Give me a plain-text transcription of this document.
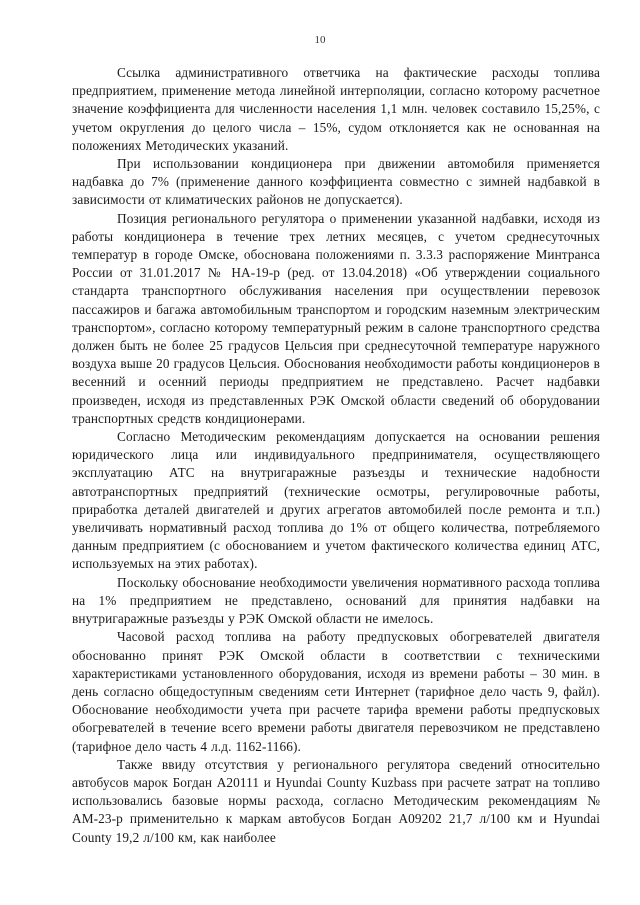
10

Ссылка административного ответчика на фактические расходы топлива предприятием, применение метода линейной интерполяции, согласно которому расчетное значение коэффициента для численности населения 1,1 млн. человек составило 15,25%, с учетом округления до целого числа – 15%, судом отклоняется как не основанная на положениях Методических указаний.

При использовании кондиционера при движении автомобиля применяется надбавка до 7% (применение данного коэффициента совместно с зимней надбавкой в зависимости от климатических районов не допускается).

Позиция регионального регулятора о применении указанной надбавки, исходя из работы кондиционера в течение трех летних месяцев, с учетом среднесуточных температур в городе Омске, обоснована положениями п. 3.3.3 распоряжение Минтранса России от 31.01.2017 № НА-19-р (ред. от 13.04.2018) «Об утверждении социального стандарта транспортного обслуживания населения при осуществлении перевозок пассажиров и багажа автомобильным транспортом и городским наземным электрическим транспортом», согласно которому температурный режим в салоне транспортного средства должен быть не более 25 градусов Цельсия при среднесуточной температуре наружного воздуха выше 20 градусов Цельсия. Обоснования необходимости работы кондиционеров в весенний и осенний периоды предприятием не представлено. Расчет надбавки произведен, исходя из представленных РЭК Омской области сведений об оборудовании транспортных средств кондиционерами.

Согласно Методическим рекомендациям допускается на основании решения юридического лица или индивидуального предпринимателя, осуществляющего эксплуатацию АТС на внутригаражные разъезды и технические надобности автотранспортных предприятий (технические осмотры, регулировочные работы, приработка деталей двигателей и других агрегатов автомобилей после ремонта и т.п.) увеличивать нормативный расход топлива до 1% от общего количества, потребляемого данным предприятием (с обоснованием и учетом фактического количества единиц АТС, используемых на этих работах).

Поскольку обоснование необходимости увеличения нормативного расхода топлива на 1% предприятием не представлено, оснований для принятия надбавки на внутригаражные разъезды у РЭК Омской области не имелось.

Часовой расход топлива на работу предпусковых обогревателей двигателя обоснованно принят РЭК Омской области в соответствии с техническими характеристиками установленного оборудования, исходя из времени работы – 30 мин. в день согласно общедоступным сведениям сети Интернет (тарифное дело часть 9, файл). Обоснование необходимости учета при расчете тарифа времени работы предпусковых обогревателей в течение всего времени работы двигателя перевозчиком не представлено (тарифное дело часть 4 л.д. 1162-1166).

Также ввиду отсутствия у регионального регулятора сведений относительно автобусов марок Богдан А20111 и Hyundai County Kuzbass при расчете затрат на топливо использовались базовые нормы расхода, согласно Методическим рекомендациям № АМ-23-р применительно к маркам автобусов Богдан А09202 21,7 л/100 км и Hyundai County 19,2 л/100 км, как наиболее
